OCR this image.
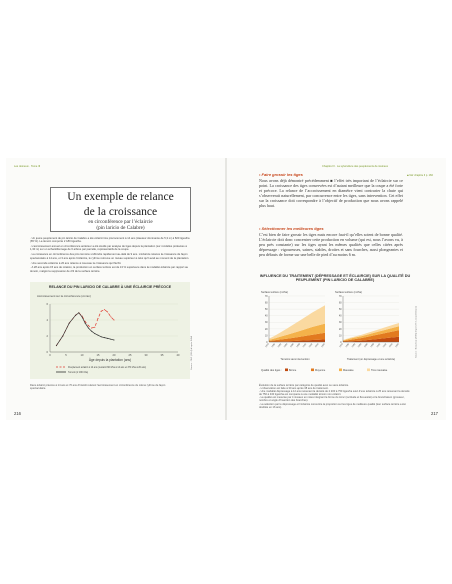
Les résineux · Tome III
Un exemple de relance
de la croissance
en circonférence par l’éclaircie
(pin laricio de Calabre)

· Un jeune peuplement de pin laricio de Calabre a été éclairci très précocement à 14 ans (Hauteur dominante de 5,3 m) à 820 tiges/ha (65 %). La témoin comporte 2 180 tiges/ha.

· L’accroissement annuel en circonférence antérieur a été étudié par analyse de tiges depuis la plantation (sur rondelles prélevées à 1,30 m) sur un échantillonnage de 6 arbres par parcelle, représentatifs de la coupe.

· La croissance en circonférence des pins témoins s’effondre rapidement au-delà de 9 ans. L’éclaircie relance la croissance de façon spectaculaire à 14 ans, et 3 ans après l’éclaircie, le rythme retrouve un niveau supérieur à celui qu’il avait au moment de la plantation.

· Une seconde éclaircie à 20 ans relance à nouveau la croissance qui fléchit.

· A 28 ans après 15 ans de rotation, la production en surface terrière est de 13 % supérieure dans la modalité éclaircie par rapport au témoin, malgré la suppression de 2/3 de la surface terrière.

RELANCE DU PIN LARICIO DE CALABRE À UNE ÉCLAIRCIE PRÉCOCE
Accroissement sur la circonférence (cm/an)
Âge depuis la plantation (ans)
Peuplement éclairci à 14 ans (restant 820 t/ha à 14 ans et 370 t/ha à 20 ans)
Témoin (2 180 t/ha)
0
2
4
6
0	5	10	15	20	25	30	35	40	Source : ONF (2014) d’après INRA
Dans éclairci précoce à 14 ans et 70 ans d’intérêt relancé l’accroissement en circonférence du même rythme de façon spectaculaire.
216
Chapitre III · La sylviculture des peuplements de résineux
• Faire grossir les tiges
Nous avons déjà démontré précédemment ■ l’effet très important de l’éclaircie sur ce point. La croissance des tiges conservées est d’autant meilleure que la coupe a été forte et précoce. La relance de l’accroissement en diamètre vient contrarier la chute qui s’observerait naturellement, par concurrence entre les tiges, sans intervention. Cet effet sur la croissance doit correspondre à l’objectif de production que nous avons rappelé plus haut.
■ Voir chapitre II p. 166
• Sélectionner les meilleures tiges
C’est bien de faire grossir les tiges mais encore faut-il qu’elles soient de bonne qualité. L’éclaircie doit donc concentrer cette production en volume (qui est, nous l’avons vu, à peu près constante) sur les tiges ayant les mêmes qualités que celles citées après dépressage : vigoureuses, saines, stables, droites et sans fourches, aussi plongeantes et peu défauts de forme sur une belle de pied d’au moins 6 m.
INFLUENCE DU TRAITEMENT (DÉPRESSAGE ET ÉCLAIRCIE) SUR LA QUALITÉ DU PEUPLEMENT (PIN LARICIO DE CALABRE)
Surface terrière (m²/ha)	Surface terrière (m²/ha)
Témoins sans intervention	Traitement (un dépressage et une éclaircie)
Qualité des tiges :
0
10
20
30
40
50
60
70
1978 1980 1982 1984 1986 1988 1990 1992 1994 1996
0
10
20
30
40
50
60
70
1978 1980 1982 1984 1986 1988 1990 1992 1994 1996
Bonne	Moyenne	Mauvaise	Très mauvaise
Source : Beaufeau (2005) d’après M. Leroy (Orléans)

Évolution de la surface terrière par catégorie de qualité avec ou sans éclaircie.

- L’observation est faite à 30 ans après 38 ans de traitement.

- Une modalité dépressage à 12 ans ramenant la densité de 2 200 à 750 tiges/ha suivi d’une éclaircie à 25 ans ramenant la densité de 750 à 430 tiges/ha est comparée à une modalité témoin non éclairci.

- La qualité est mesurée par 4 niveaux en notes intégrant la forme du tronc (rectitude et flexuosité) et la branchaison (grosseur, nombre et angle d’insertion des branches).

- La sélection par le dépressage et l’éclaircie concentre la proportion sur les tiges de meilleure qualité (leur surface terrière a été doublée en 16 ans).

217
